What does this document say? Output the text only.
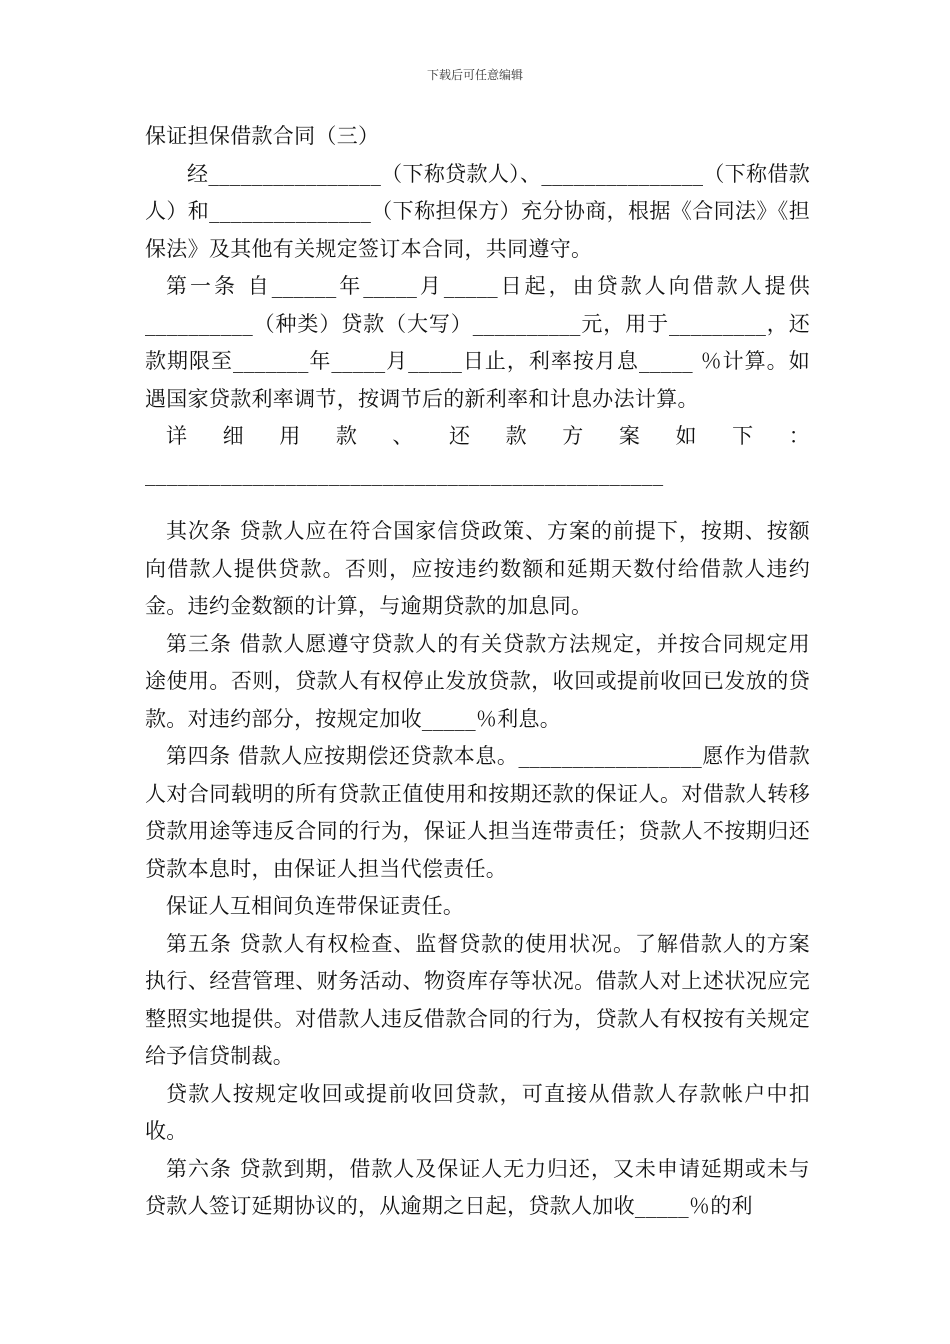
下载后可任意编辑

保证担保借款合同（三）

经________________（下称贷款人）、_______________（下称借款人）和_______________（下称担保方）充分协商，根据《合同法》《担保法》及其他有关规定签订本合同，共同遵守。

第一条 自______年_____月_____日起，由贷款人向借款人提供__________（种类）贷款（大写）__________元，用于_________，还款期限至_______年_____月_____日止，利率按月息_____ ％计算。如遇国家贷款利率调节，按调节后的新利率和计息办法计算。

详细用款、还款方案如下：________________________________________________

其次条 贷款人应在符合国家信贷政策、方案的前提下，按期、按额向借款人提供贷款。否则，应按违约数额和延期天数付给借款人违约金。违约金数额的计算，与逾期贷款的加息同。

第三条 借款人愿遵守贷款人的有关贷款方法规定，并按合同规定用途使用。否则，贷款人有权停止发放贷款，收回或提前收回已发放的贷款。对违约部分，按规定加收_____％利息。

第四条 借款人应按期偿还贷款本息。_________________愿作为借款人对合同载明的所有贷款正值使用和按期还款的保证人。对借款人转移贷款用途等违反合同的行为，保证人担当连带责任；贷款人不按期归还贷款本息时，由保证人担当代偿责任。

保证人互相间负连带保证责任。

第五条 贷款人有权检查、监督贷款的使用状况。了解借款人的方案执行、经营管理、财务活动、物资库存等状况。借款人对上述状况应完整照实地提供。对借款人违反借款合同的行为，贷款人有权按有关规定给予信贷制裁。

贷款人按规定收回或提前收回贷款，可直接从借款人存款帐户中扣收。

第六条 贷款到期，借款人及保证人无力归还，又未申请延期或未与贷款人签订延期协议的，从逾期之日起，贷款人加收_____％的利
